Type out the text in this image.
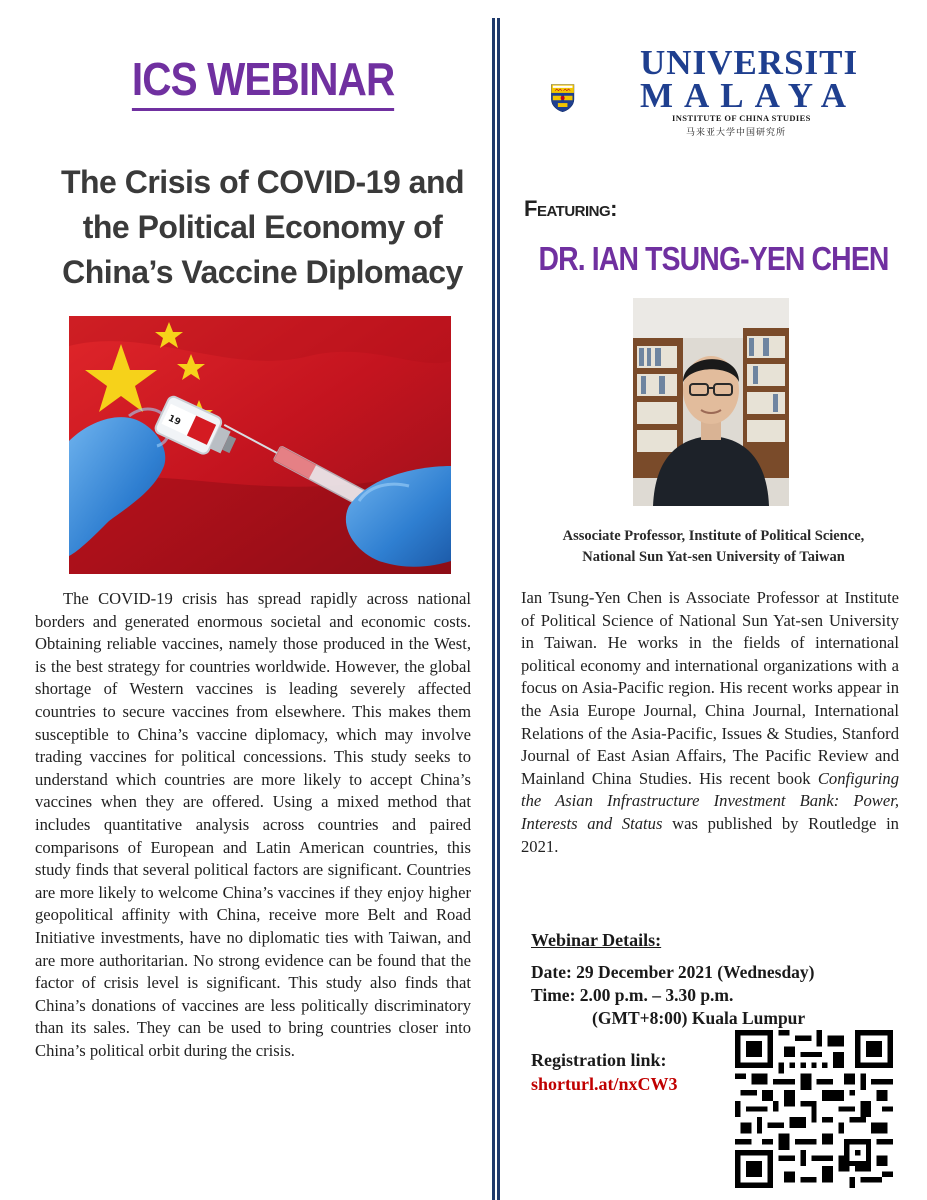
ICS WEBINAR
The Crisis of COVID-19 and
the Political Economy of
China’s Vaccine Diplomacy
19

The COVID-19 crisis has spread rapidly across national borders and generated enormous societal and economic costs. Obtaining reliable vaccines, namely those produced in the West, is the best strategy for countries worldwide. However, the global shortage of Western vaccines is leading severely affected countries to secure vaccines from elsewhere. This makes them susceptible to China’s vaccine diplomacy, which may involve trading vaccines for political concessions. This study seeks to understand which countries are more likely to accept China’s vaccines when they are offered. Using a mixed method that includes quantitative analysis across countries and paired comparisons of European and Latin American countries, this study finds that several political factors are significant. Countries are more likely to welcome China’s vaccines if they enjoy higher geopolitical affinity with China, receive more Belt and Road Initiative investments, have no diplomatic ties with Taiwan, and are more authoritarian. No strong evidence can be found that the factor of crisis level is significant. This study also finds that China’s donations of vaccines are less politically discriminatory than its sales. They can be used to bring countries closer into China’s political orbit during the crisis.

UNIVERSITI
MALAYA
INSTITUTE OF CHINA STUDIES
马来亚大学中国研究所
Featuring:
DR. IAN TSUNG-YEN CHEN
Associate Professor, Institute of Political Science,
National Sun Yat-sen University of Taiwan
Ian Tsung-Yen Chen is Associate Professor at Institute of Political Science of National Sun Yat-sen University in Taiwan. He works in the fields of international political economy and international organizations with a focus on Asia-Pacific region. His recent works appear in the Asia Europe Journal, China Journal, International Relations of the Asia-Pacific, Issues & Studies, Stanford Journal of East Asian Affairs, The Pacific Review and Mainland China Studies. His recent book Configuring the Asian Infrastructure Investment Bank: Power, Interests and Status was published by Routledge in 2021.
Webinar Details:
Date: 29 December 2021 (Wednesday)
Time: 2.00 p.m. – 3.30 p.m.
(GMT+8:00) Kuala Lumpur
Registration link:
shorturl.at/nxCW3
